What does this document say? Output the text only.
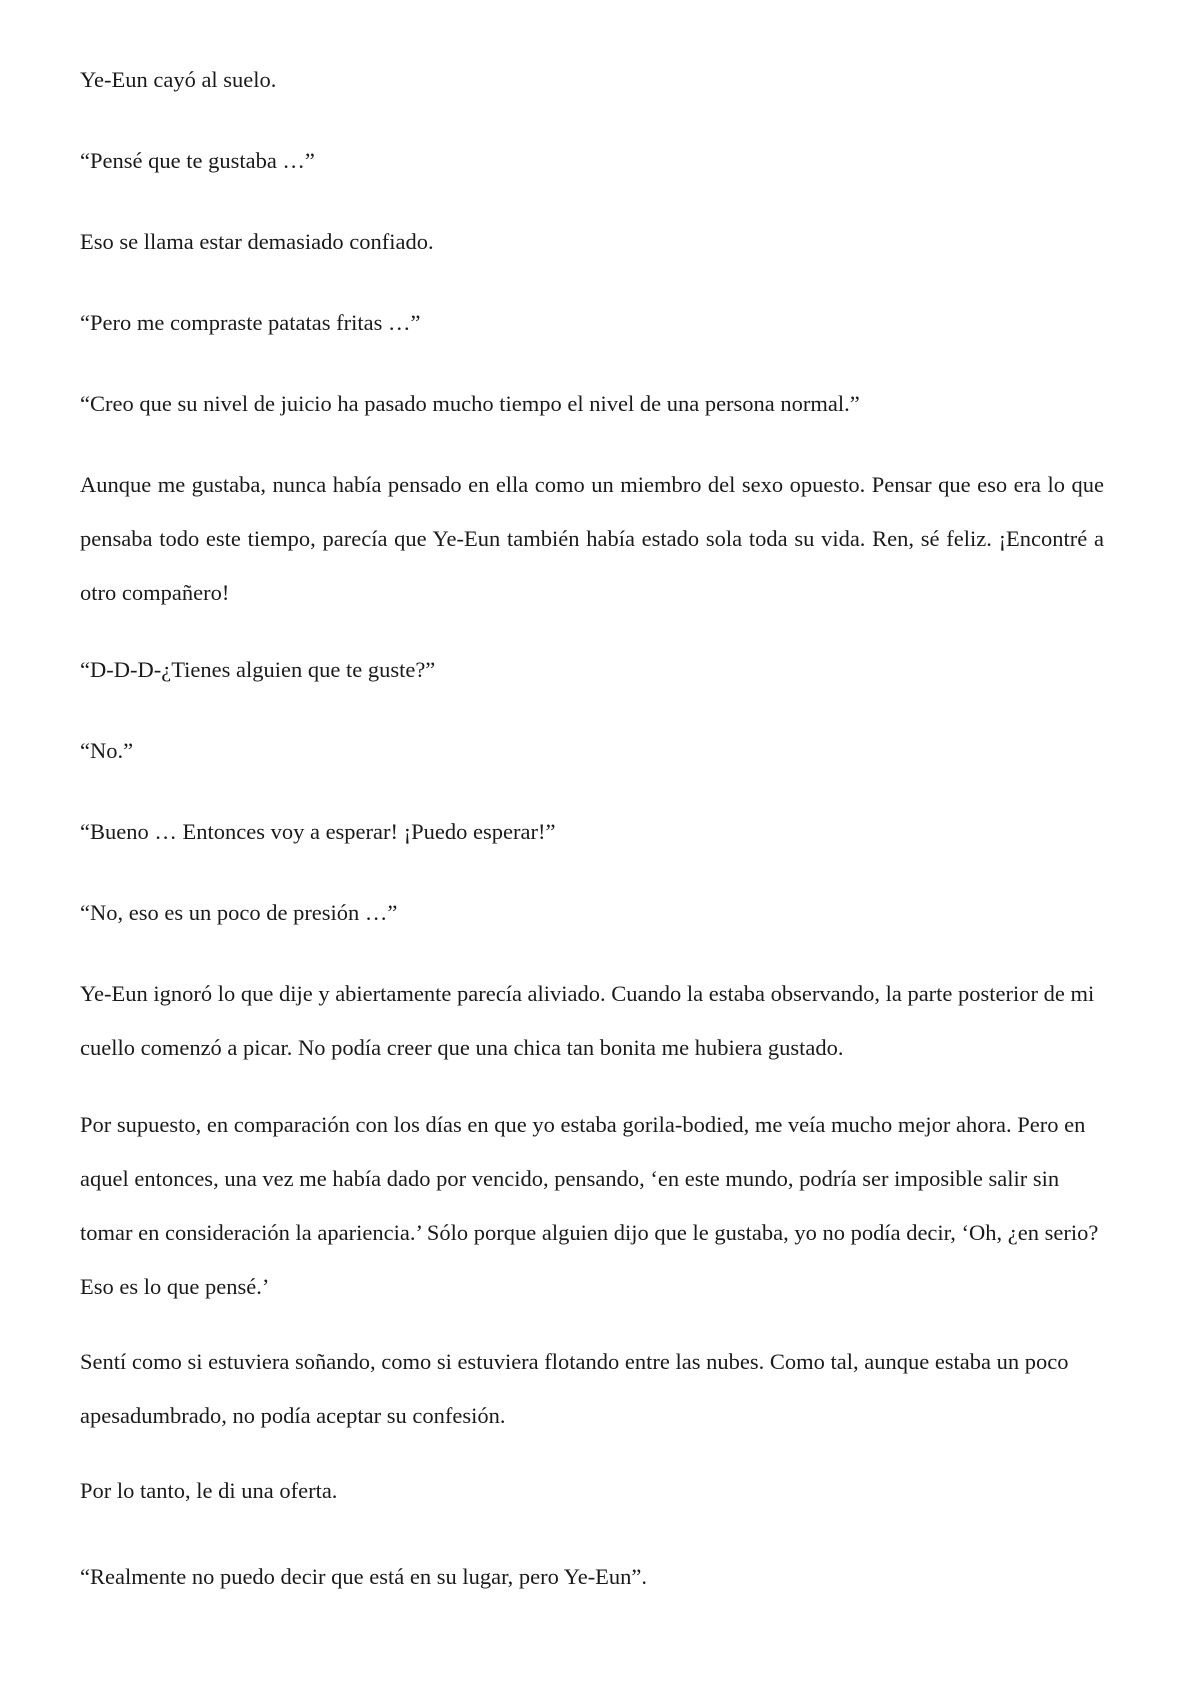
Ye-Eun cayó al suelo.

“Pensé que te gustaba …”

Eso se llama estar demasiado confiado.

“Pero me compraste patatas fritas …”

“Creo que su nivel de juicio ha pasado mucho tiempo el nivel de una persona normal.”

Aunque me gustaba, nunca había pensado en ella como un miembro del sexo opuesto. Pensar que eso era lo que pensaba todo este tiempo, parecía que Ye-Eun también había estado sola toda su vida. Ren, sé feliz. ¡Encontré a otro compañero!

“D-D-D-¿Tienes alguien que te guste?”

“No.”

“Bueno … Entonces voy a esperar! ¡Puedo esperar!”

“No, eso es un poco de presión …”

Ye-Eun ignoró lo que dije y abiertamente parecía aliviado. Cuando la estaba observando, la parte posterior de mi cuello comenzó a picar. No podía creer que una chica tan bonita me hubiera gustado.

Por supuesto, en comparación con los días en que yo estaba gorila-bodied, me veía mucho mejor ahora. Pero en aquel entonces, una vez me había dado por vencido, pensando, ‘en este mundo, podría ser imposible salir sin tomar en consideración la apariencia.’ Sólo porque alguien dijo que le gustaba, yo no podía decir, ‘Oh, ¿en serio? Eso es lo que pensé.’

Sentí como si estuviera soñando, como si estuviera flotando entre las nubes. Como tal, aunque estaba un poco apesadumbrado, no podía aceptar su confesión.

Por lo tanto, le di una oferta.

“Realmente no puedo decir que está en su lugar, pero Ye-Eun”.
